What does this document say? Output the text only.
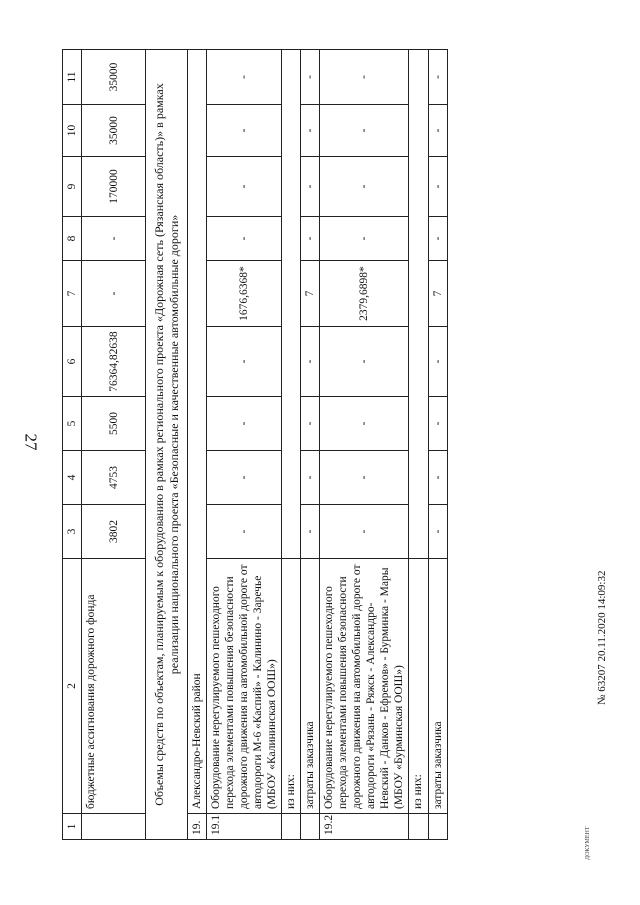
27
1	2	3	4	5	6	7	8	9	10	11
	бюджетные ассигнования дорожного фонда	3802	4753	5500	76364,82638	-	-	170000	35000	35000
Объемы средств по объектам, планируемым к оборудованию в рамках регионального проекта «Дорожная сеть (Рязанская область)» в рамках реализации национального проекта «Безопасные и качественные автомобильные дороги»										
19.	Александро-Невский район									
19.1	Оборудование нерегулируемого пешеходного перехода элементами повышения безопасности дорожного движения на автомобильной дороге от автодороги М-6 «Каспий» - Калинино - Заречье (МБОУ «Калининская ООШ»)	-	-	-	-	1676,6368*	-	-	-	-
	из них:									
	затраты заказчика	-	-	-	-	7	-	-	-	-
19.2	Оборудование нерегулируемого пешеходного перехода элементами повышения безопасности дорожного движения на автомобильной дороге от автодороги «Рязань - Ряжск - Александро-Невский - Данков - Ефремов» - Бурминка - Мары (МБОУ «Бурминская ООШ»)	-	-	-	-	2379,6898*	-	-	-	-
	из них:									
	затраты заказчика	-	-	-	-	7	-	-	-	-
№ 63207 20.11.2020 14:09:32
ДОКУМЕНТ
